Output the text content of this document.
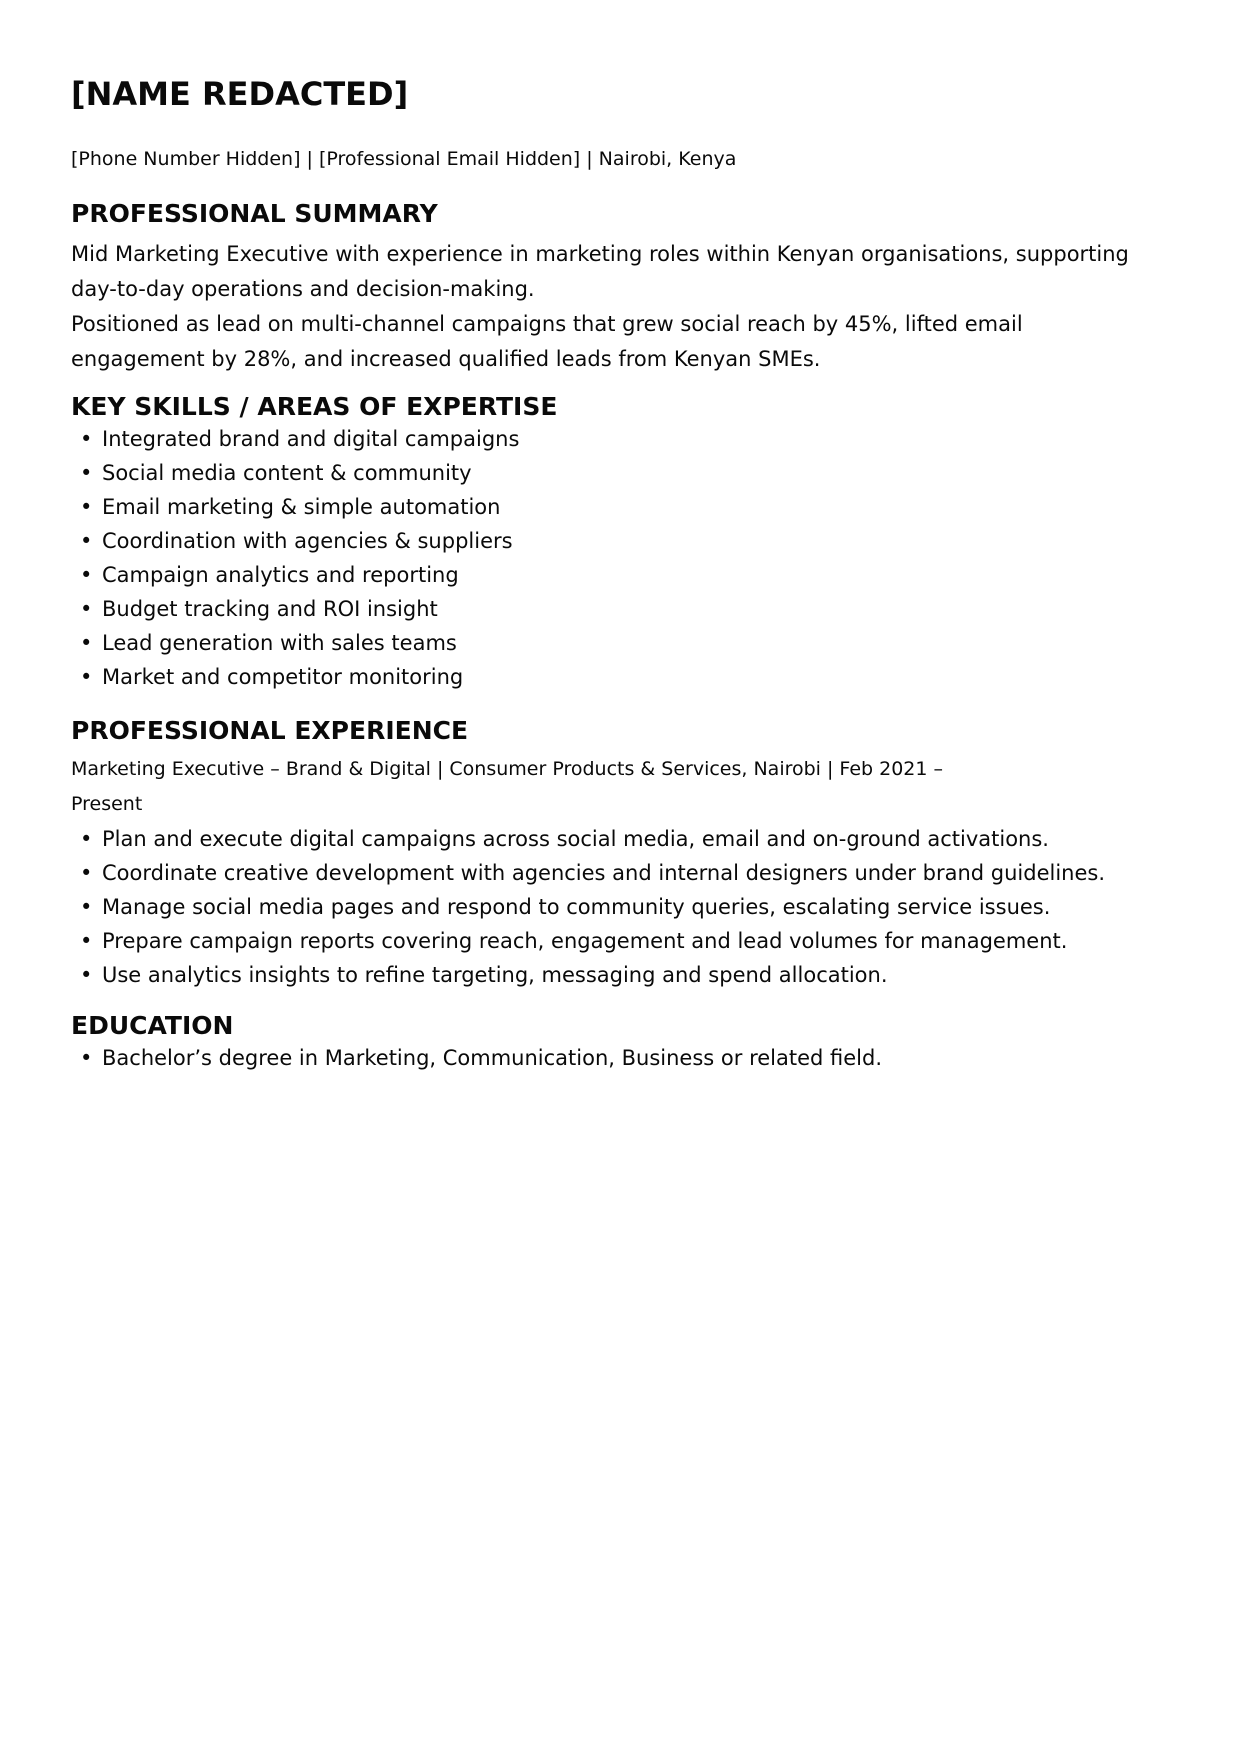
[NAME REDACTED]
[Phone Number Hidden] | [Professional Email Hidden] | Nairobi, Kenya
PROFESSIONAL SUMMARY
Mid Marketing Executive with experience in marketing roles within Kenyan organisations, supporting day-to-day operations and decision-making.
Positioned as lead on multi-channel campaigns that grew social reach by 45%, lifted email engagement by 28%, and increased qualified leads from Kenyan SMEs.
KEY SKILLS / AREAS OF EXPERTISE
• Integrated brand and digital campaigns
• Social media content & community
• Email marketing & simple automation
• Coordination with agencies & suppliers
• Campaign analytics and reporting
• Budget tracking and ROI insight
• Lead generation with sales teams
• Market and competitor monitoring
PROFESSIONAL EXPERIENCE
Marketing Executive – Brand & Digital | Consumer Products & Services, Nairobi | Feb 2021 –
Present
• Plan and execute digital campaigns across social media, email and on-ground activations.
• Coordinate creative development with agencies and internal designers under brand guidelines.
• Manage social media pages and respond to community queries, escalating service issues.
• Prepare campaign reports covering reach, engagement and lead volumes for management.
• Use analytics insights to refine targeting, messaging and spend allocation.
EDUCATION
• Bachelor’s degree in Marketing, Communication, Business or related field.
